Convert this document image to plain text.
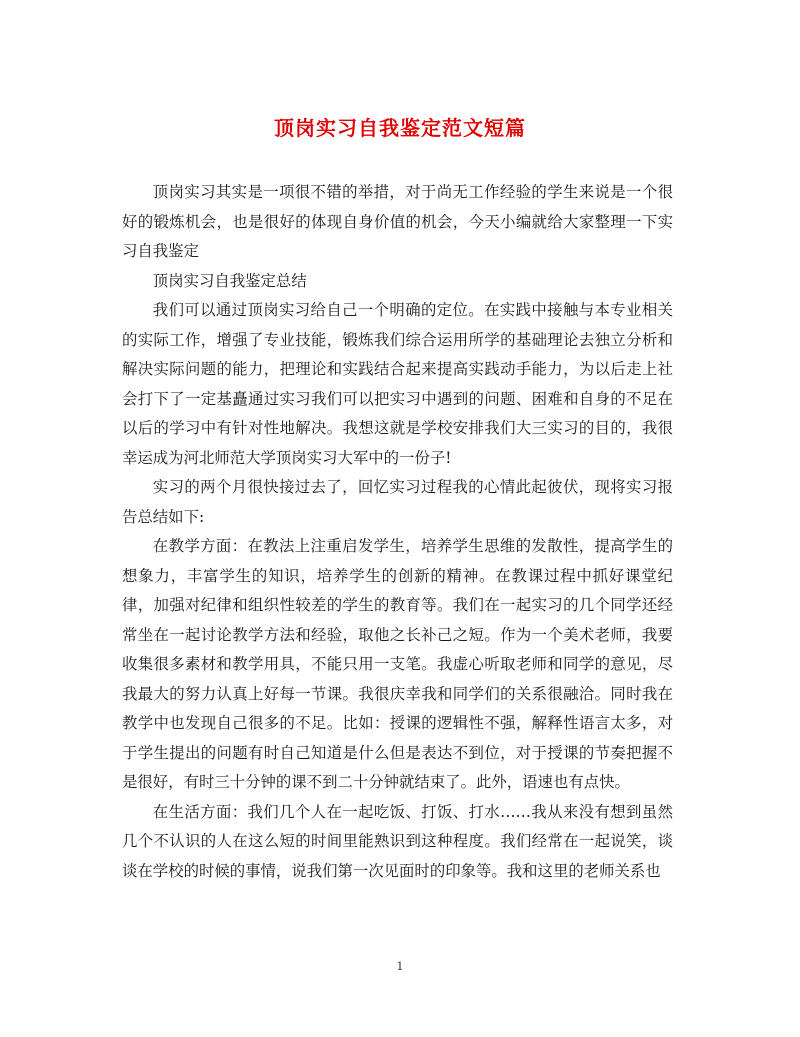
顶岗实习自我鉴定范文短篇

顶岗实习其实是一项很不错的举措，对于尚无工作经验的学生来说是一个很好的锻炼机会，也是很好的体现自身价值的机会，今天小编就给大家整理一下实习自我鉴定

顶岗实习自我鉴定总结

我们可以通过顶岗实习给自己一个明确的定位。在实践中接触与本专业相关的实际工作，增强了专业技能，锻炼我们综合运用所学的基础理论去独立分析和解决实际问题的能力，把理论和实践结合起来提高实践动手能力，为以后走上社会打下了一定基矗通过实习我们可以把实习中遇到的问题、困难和自身的不足在以后的学习中有针对性地解决。我想这就是学校安排我们大三实习的目的，我很幸运成为河北师范大学顶岗实习大军中的一份子!

实习的两个月很快接过去了，回忆实习过程我的心情此起彼伏，现将实习报告总结如下:

在教学方面：在教法上注重启发学生，培养学生思维的发散性，提高学生的想象力，丰富学生的知识，培养学生的创新的精神。在教课过程中抓好课堂纪律，加强对纪律和组织性较差的学生的教育等。我们在一起实习的几个同学还经常坐在一起讨论教学方法和经验，取他之长补己之短。作为一个美术老师，我要收集很多素材和教学用具，不能只用一支笔。我虚心听取老师和同学的意见，尽我最大的努力认真上好每一节课。我很庆幸我和同学们的关系很融洽。同时我在教学中也发现自己很多的不足。比如：授课的逻辑性不强，解释性语言太多，对于学生提出的问题有时自己知道是什么但是表达不到位，对于授课的节奏把握不是很好，有时三十分钟的课不到二十分钟就结束了。此外，语速也有点快。

在生活方面：我们几个人在一起吃饭、打饭、打水……我从来没有想到虽然几个不认识的人在这么短的时间里能熟识到这种程度。我们经常在一起说笑，谈谈在学校的时候的事情，说我们第一次见面时的印象等。我和这里的老师关系也

1
